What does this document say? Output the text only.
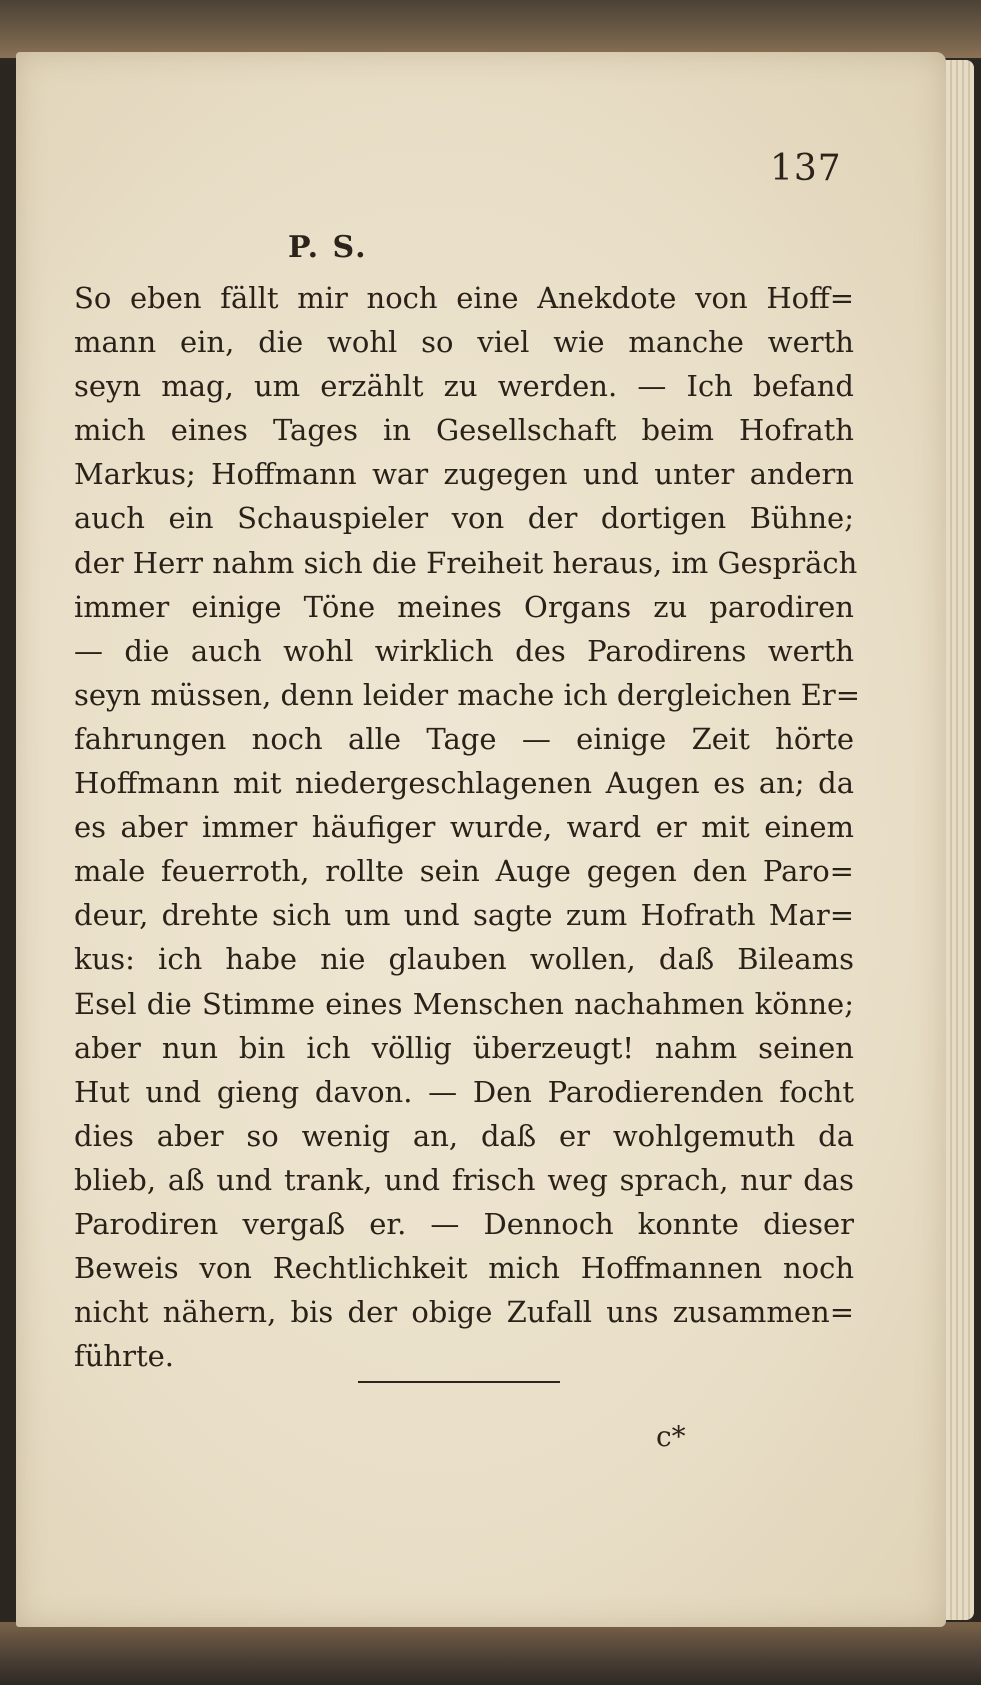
137
P. S.
So eben fällt mir noch eine Anekdote von Hoff=
mann ein, die wohl so viel wie manche werth
seyn mag, um erzählt zu werden. — Ich befand
mich eines Tages in Gesellschaft beim Hofrath
Markus; Hoffmann war zugegen und unter andern
auch ein Schauspieler von der dortigen Bühne;
der Herr nahm sich die Freiheit heraus, im Gespräch
immer einige Töne meines Organs zu parodiren
— die auch wohl wirklich des Parodirens werth
seyn müssen, denn leider mache ich dergleichen Er=
fahrungen noch alle Tage — einige Zeit hörte
Hoffmann mit niedergeschlagenen Augen es an; da
es aber immer häufiger wurde, ward er mit einem
male feuerroth, rollte sein Auge gegen den Paro=
deur, drehte sich um und sagte zum Hofrath Mar=
kus: ich habe nie glauben wollen, daß Bileams
Esel die Stimme eines Menschen nachahmen könne;
aber nun bin ich völlig überzeugt! nahm seinen
Hut und gieng davon. — Den Parodierenden focht
dies aber so wenig an, daß er wohlgemuth da
blieb, aß und trank, und frisch weg sprach, nur das
Parodiren vergaß er. — Dennoch konnte dieser
Beweis von Rechtlichkeit mich Hoffmannen noch
nicht nähern, bis der obige Zufall uns zusammen=
führte.
c*
